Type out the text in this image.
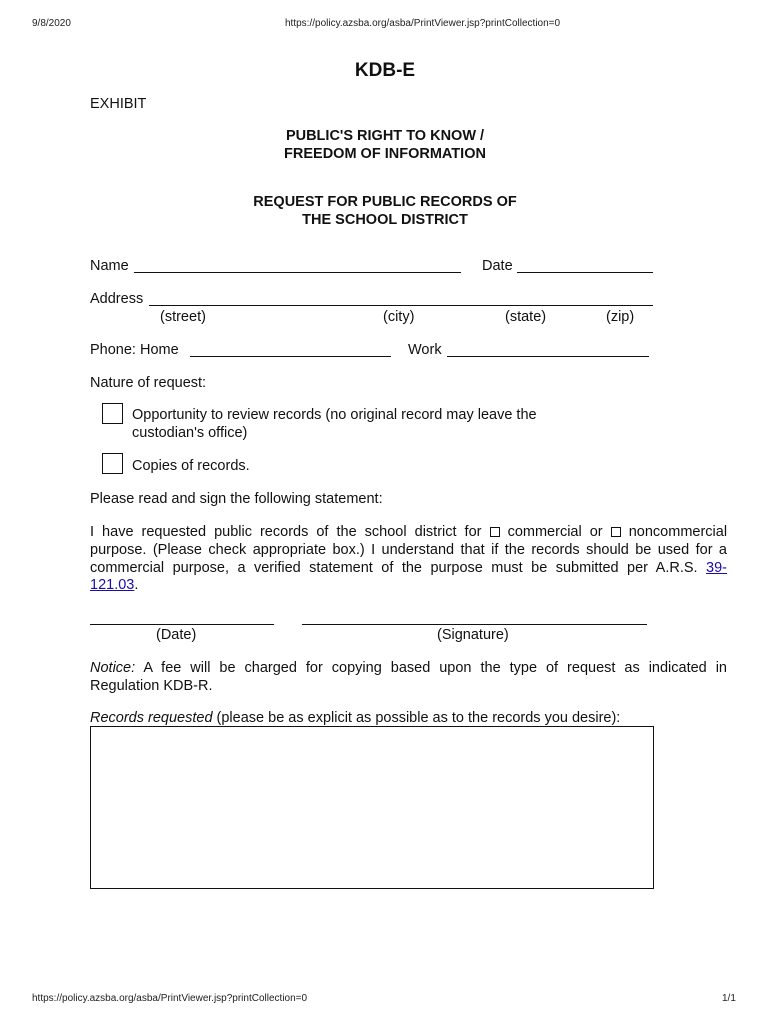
9/8/2020	https://policy.azsba.org/asba/PrintViewer.jsp?printCollection=0
KDB-E
EXHIBIT
PUBLIC'S RIGHT TO KNOW /
FREEDOM OF INFORMATION
REQUEST FOR PUBLIC RECORDS OF
THE SCHOOL DISTRICT
Name	Date
Address
(street)	(city)	(state)	(zip)
Phone: Home	Work
Nature of request:
Opportunity to review records (no original record may leave the
custodian's office)
Copies of records.
Please read and sign the following statement:
I have requested public records of the school district for commercial or noncommercial
purpose. (Please check appropriate box.) I understand that if the records should be used for a
commercial purpose, a verified statement of the purpose must be submitted per A.R.S. 39-
121.03.
(Date)	(Signature)
Notice: A fee will be charged for copying based upon the type of request as indicated in
Regulation KDB-R.
Records requested (please be as explicit as possible as to the records you desire):
https://policy.azsba.org/asba/PrintViewer.jsp?printCollection=0	1/1
